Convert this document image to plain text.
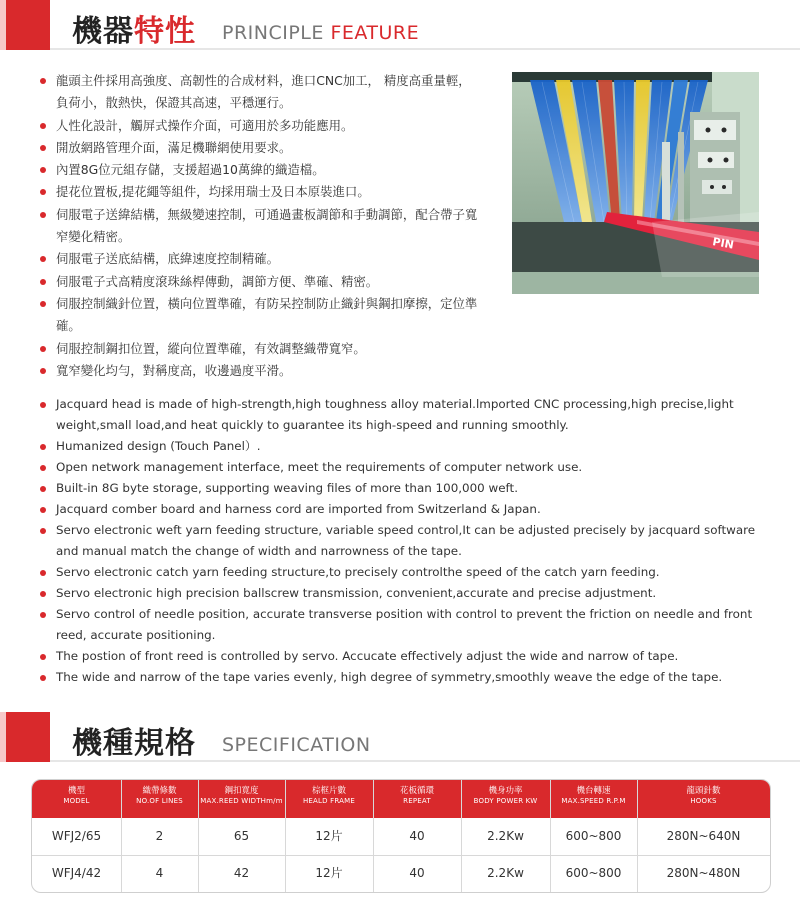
機器特性 PRINCIPLE FEATURE
龍頭主件採用高強度、高韌性的合成材料，進口CNC加工， 精度高重量輕，負荷小，散熱快，保證其高速，平穩運行。
人性化設計，觸屏式操作介面，可適用於多功能應用。
開放網路管理介面，滿足機聯網使用要求。
內置8G位元組存儲，支援超過10萬緯的織造檔。
提花位置板,提花繩等組件，均採用瑞士及日本原裝進口。
伺服電子送緯結構，無級變速控制，可通過畫板調節和手動調節，配合帶子寬窄變化精密。
伺服電子送底結構，底緯速度控制精確。
伺服電子式高精度滾珠絲桿傳動，調節方便、準確、精密。
伺服控制織針位置，橫向位置準確，有防呆控制防止織針與鋼扣摩擦，定位準確。
伺服控制鋼扣位置，縱向位置準確，有效調整織帶寬窄。
寬窄變化均勻，對稱度高，收邊過度平滑。
PIN
Jacquard head is made of high-strength,high toughness alloy material.lmported CNC processing,high precise,light weight,small load,and heat quickly to guarantee its high-speed and running smoothly.
Humanized design (Touch Panel）.
Open network management interface, meet the requirements of computer network use.
Built-in 8G byte storage, supporting weaving files of more than 100,000 weft.
Jacquard comber board and harness cord are imported from Switzerland & Japan.
Servo electronic weft yarn feeding structure, variable speed control,It can be adjusted precisely by jacquard software and manual match the change of width and narrowness of the tape.
Servo electronic catch yarn feeding structure,to precisely controlthe speed of the catch yarn feeding.
Servo electronic high precision ballscrew transmission, convenient,accurate and precise adjustment.
Servo control of needle position, accurate transverse position with control to prevent the friction on needle and front reed, accurate positioning.
The postion of front reed is controlled by servo. Accucate effectively adjust the wide and narrow of tape.
The wide and narrow of the tape varies evenly, high degree of symmetry,smoothly weave the edge of the tape.
機種規格 SPECIFICATION
機型
MODEL
WFJ2/65
WFJ4/42
織帶條數
NO.OF LINES
2
4
鋼扣寬度
MAX.REED WIDTHm/m
65
42
棕框片數
HEALD FRAME
12片
12片
花板循環
REPEAT
40
40
機身功率
BODY POWER KW
2.2Kw
2.2Kw
機台轉速
MAX.SPEED R.P.M
600~800
600~800
龍頭針數
HOOKS
280N~640N
280N~480N
